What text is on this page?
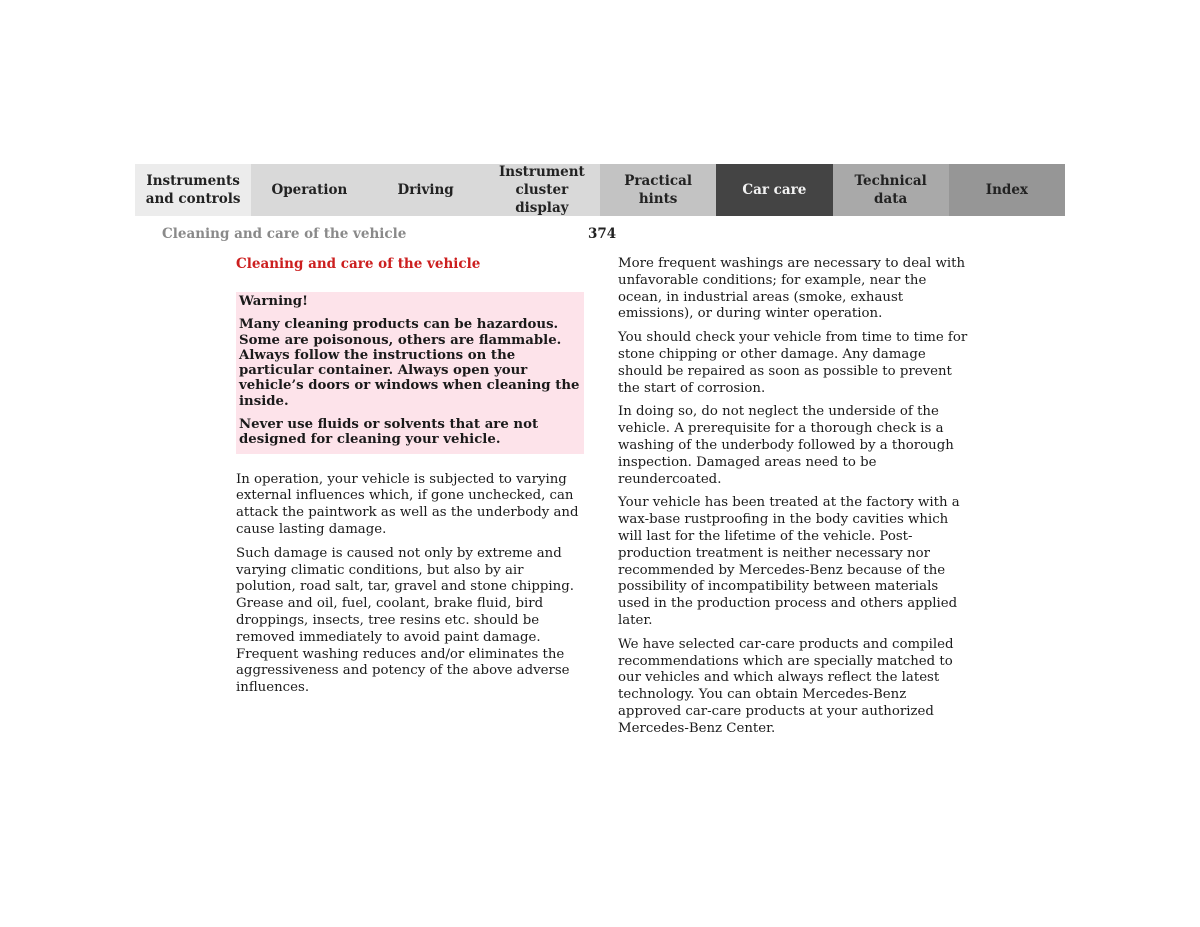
Instruments
and controls
Operation	Driving
Instrument
cluster display
Practical hints
Car care
Technical
data
Index
Cleaning and care of the vehicle	374
Cleaning and care of the vehicle

Warning!

Many cleaning products can be hazardous. Some are poisonous, others are flammable. Always follow the instructions on the particular container. Always open your vehicle’s doors or windows when cleaning the inside.

Never use fluids or solvents that are not designed for cleaning your vehicle.

In operation, your vehicle is subjected to varying external influences which, if gone unchecked, can attack the paintwork as well as the underbody and cause lasting damage.

Such damage is caused not only by extreme and varying climatic conditions, but also by air polution, road salt, tar, gravel and stone chipping. Grease and oil, fuel, coolant, brake fluid, bird droppings, insects, tree resins etc. should be removed immediately to avoid paint damage. Frequent washing reduces and/or eliminates the aggressiveness and potency of the above adverse influences.

More frequent washings are necessary to deal with unfavorable conditions; for example, near the ocean, in industrial areas (smoke, exhaust emissions), or during winter operation.

You should check your vehicle from time to time for stone chipping or other damage. Any damage should be repaired as soon as possible to prevent the start of corrosion.

In doing so, do not neglect the underside of the vehicle. A prerequisite for a thorough check is a washing of the underbody followed by a thorough inspection. Damaged areas need to be reundercoated.

Your vehicle has been treated at the factory with a wax-base rustproofing in the body cavities which will last for the lifetime of the vehicle. Post-production treatment is neither necessary nor recommended by Mercedes-Benz because of the possibility of incompatibility between materials used in the production process and others applied later.

We have selected car-care products and compiled recommendations which are specially matched to our vehicles and which always reflect the latest technology. You can obtain Mercedes-Benz approved car-care products at your authorized Mercedes-Benz Center.
